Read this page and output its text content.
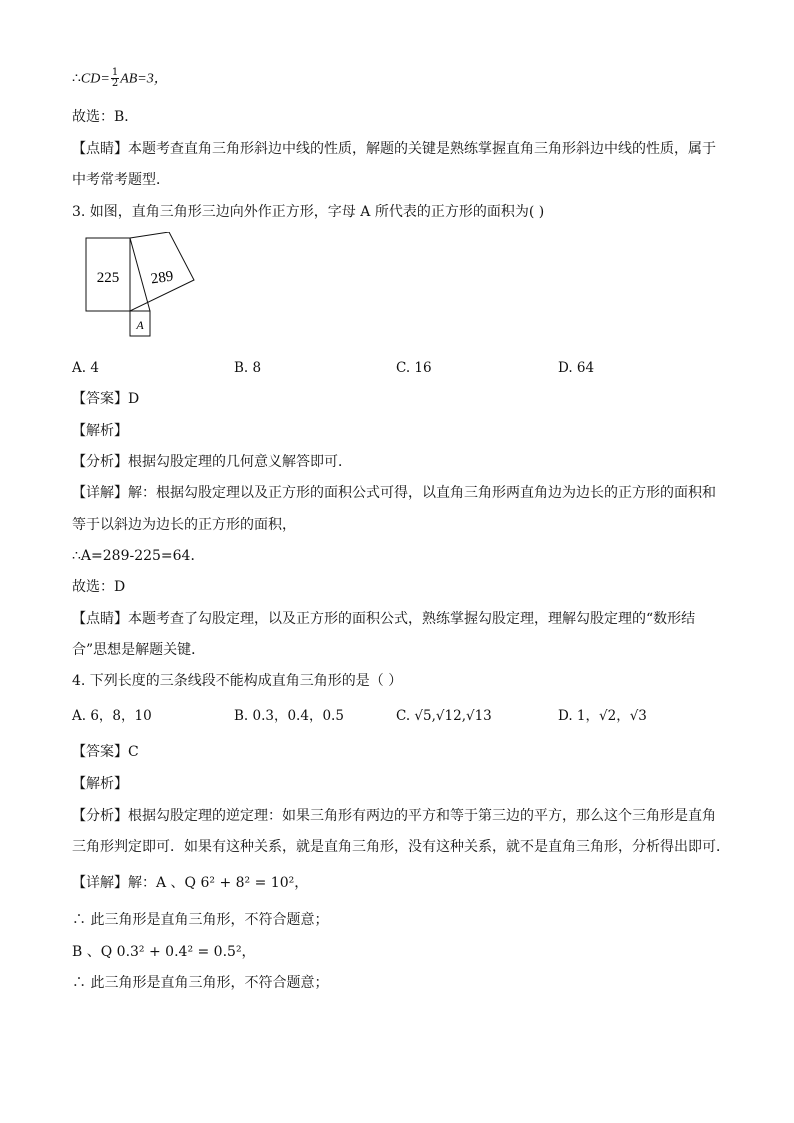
∴CD= $\frac{1}{2} AB=3$，
故选：B．
【点睛】本题考查直角三角形斜边中线的性质，解题的关键是熟练掌握直角三角形斜边中线的性质，属于
中考常考题型．
3. 如图，直角三角形三边向外作正方形，字母 A 所代表的正方形的面积为( )
225 289
A
A. 4	B. 8	C. 16	D. 64
【答案】D
【解析】
【分析】根据勾股定理的几何意义解答即可．
【详解】解：根据勾股定理以及正方形的面积公式可得，以直角三角形两直角边为边长的正方形的面积和
等于以斜边为边长的正方形的面积，
∴A=289-225=64．
故选：D
【点睛】本题考查了勾股定理，以及正方形的面积公式，熟练掌握勾股定理，理解勾股定理的“数形结
合”思想是解题关键．
4. 下列长度的三条线段不能构成直角三角形的是（ ）
A. 6，8，10	B. 0.3，0.4，0.5	C. √5,√12,√13	D. 1，√2，√3
【答案】C
【解析】
【分析】根据勾股定理的逆定理：如果三角形有两边的平方和等于第三边的平方，那么这个三角形是直角
三角形判定即可．如果有这种关系，就是直角三角形，没有这种关系，就不是直角三角形，分析得出即可．
【详解】解：A 、Q 6² + 8² = 10²，
∴ 此三角形是直角三角形，不符合题意；
B 、Q 0.3² + 0.4² = 0.5²，
∴ 此三角形是直角三角形，不符合题意；
